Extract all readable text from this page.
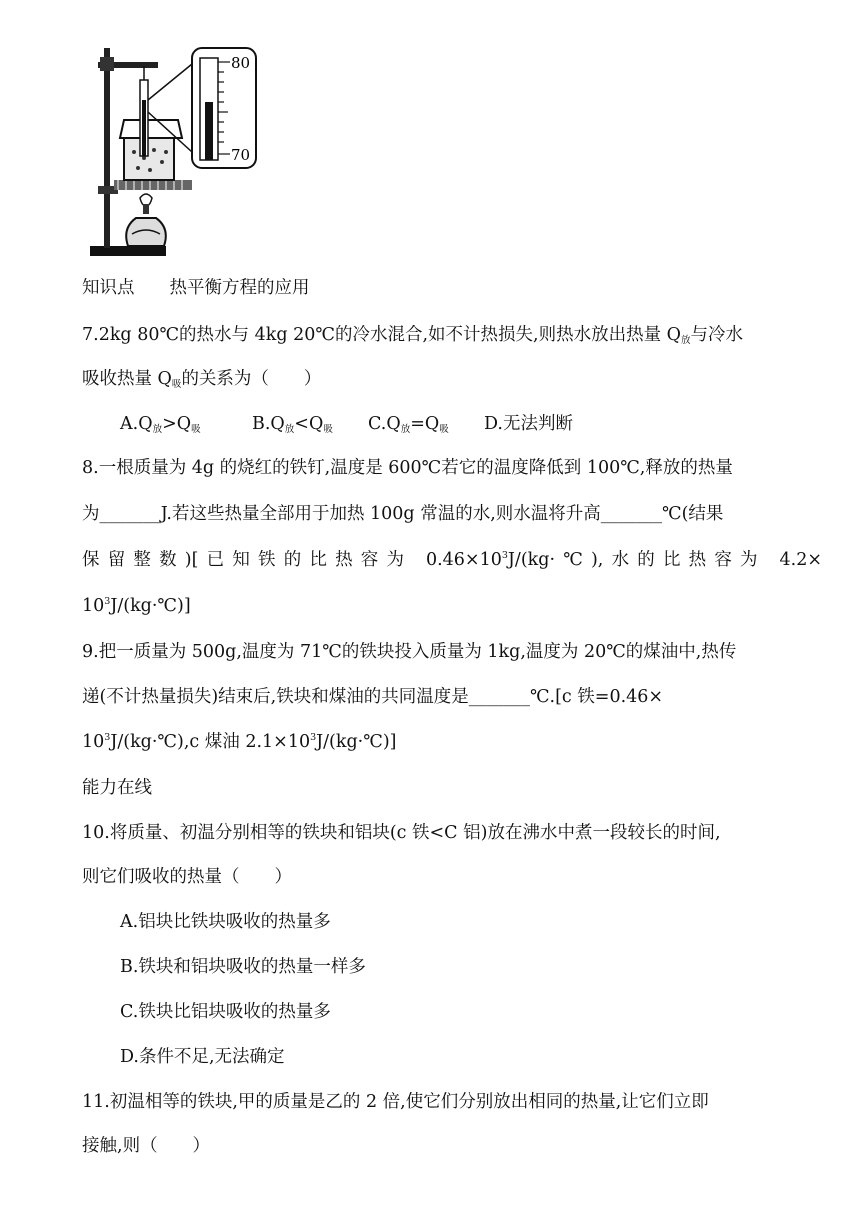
80
70
知识点　　热平衡方程的应用
7.2kg 80℃的热水与 4kg 20℃的冷水混合,如不计热损失,则热水放出热量 Q放与冷水
吸收热量 Q吸的关系为（　　）
A.Q放>Q吸	B.Q放<Q吸 C.Q放=Q吸 D.无法判断
8.一根质量为 4g 的烧红的铁钉,温度是 600℃若它的温度降低到 100℃,释放的热量
为_______J.若这些热量全部用于加热 100g 常温的水,则水温将升高_______℃(结果
保留整数)[已知铁的比热容为 $0.46\times 10^3J/(kg\cdot℃)$,水的比热容为 4.2×
$10^3J/(kg\cdot℃)$]
9.把一质量为 500g,温度为 71℃的铁块投入质量为 1kg,温度为 20℃的煤油中,热传
递(不计热量损失)结束后,铁块和煤油的共同温度是_______℃.[c 铁=0.46×
$10^3J/(kg\cdot℃),c$ 煤油 $2.1\times 10^3J/(kg\cdot℃)$]
能力在线
10.将质量、初温分别相等的铁块和铝块(c 铁<C 铝)放在沸水中煮一段较长的时间,
则它们吸收的热量（　　）
A.铝块比铁块吸收的热量多
B.铁块和铝块吸收的热量一样多
C.铁块比铝块吸收的热量多
D.条件不足,无法确定
11.初温相等的铁块,甲的质量是乙的 2 倍,使它们分别放出相同的热量,让它们立即
接触,则（　　）
